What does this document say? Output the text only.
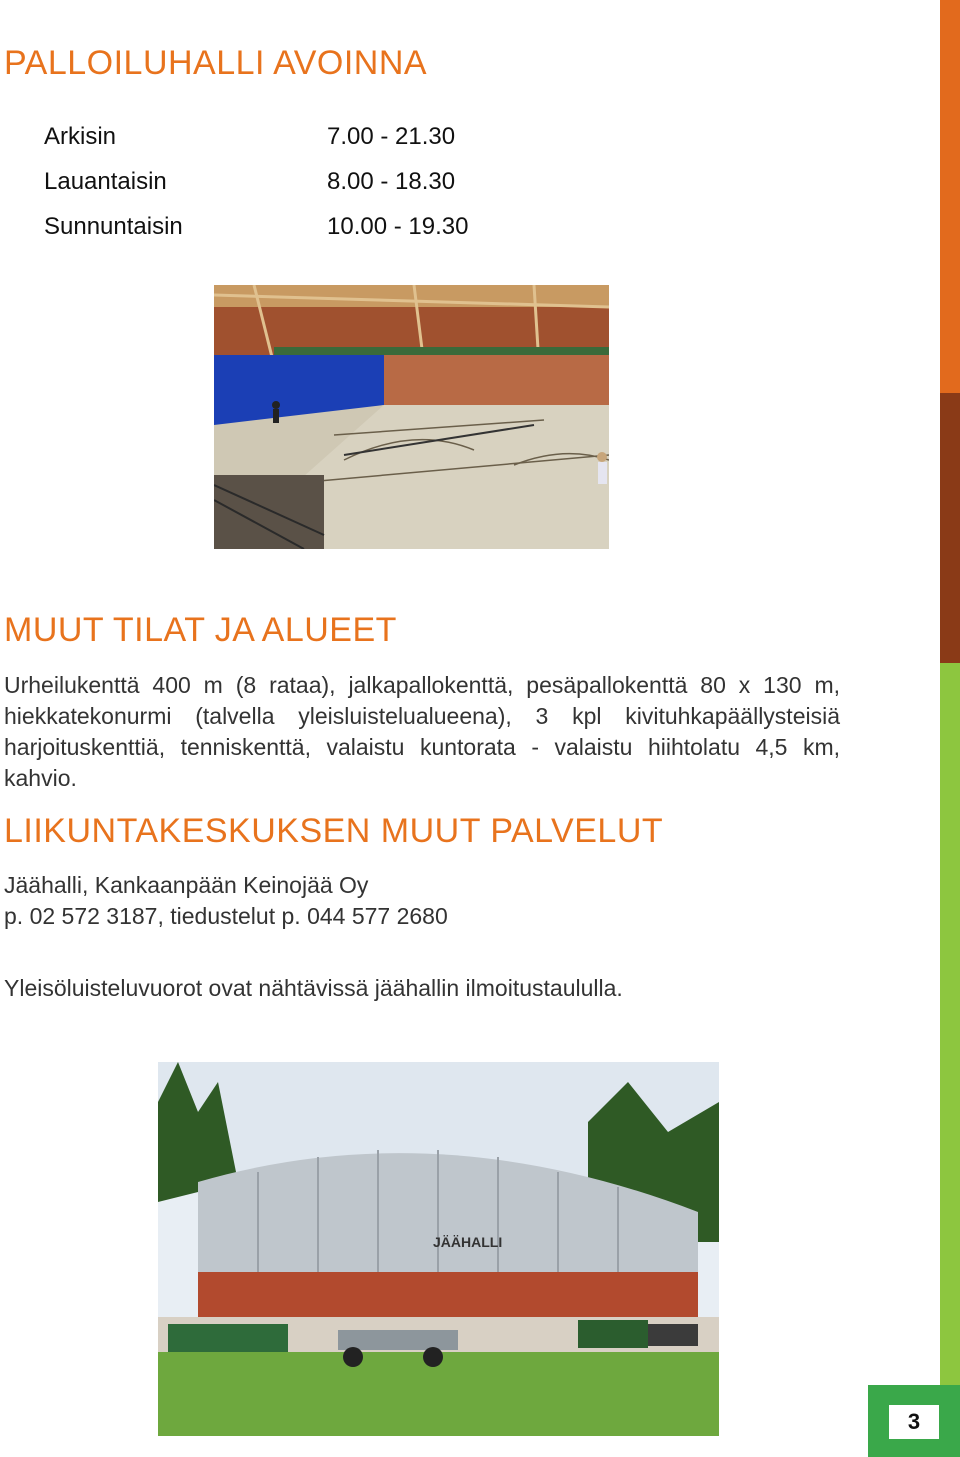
PALLOILUHALLI AVOINNA
Arkisin	7.00 - 21.30
Lauantaisin	8.00 - 18.30
Sunnuntaisin	10.00 - 19.30
MUUT TILAT JA ALUEET

Urheilukenttä 400 m (8 rataa), jalkapallokenttä, pesäpallokenttä 80 x 130 m, hiekkatekonurmi (talvella yleisluistelualueena), 3 kpl kivituhkapäällysteisiä harjoituskenttiä, tenniskenttä, valaistu kuntorata - valaistu hiihtolatu 4,5 km, kahvio.

LIIKUNTAKESKUKSEN MUUT PALVELUT
Jäähalli, Kankaanpään Keinojää Oy
p. 02 572 3187, tiedustelut p. 044 577 2680

Yleisöluisteluvuorot ovat nähtävissä jäähallin ilmoitustaululla.

JÄÄHALLI
3
